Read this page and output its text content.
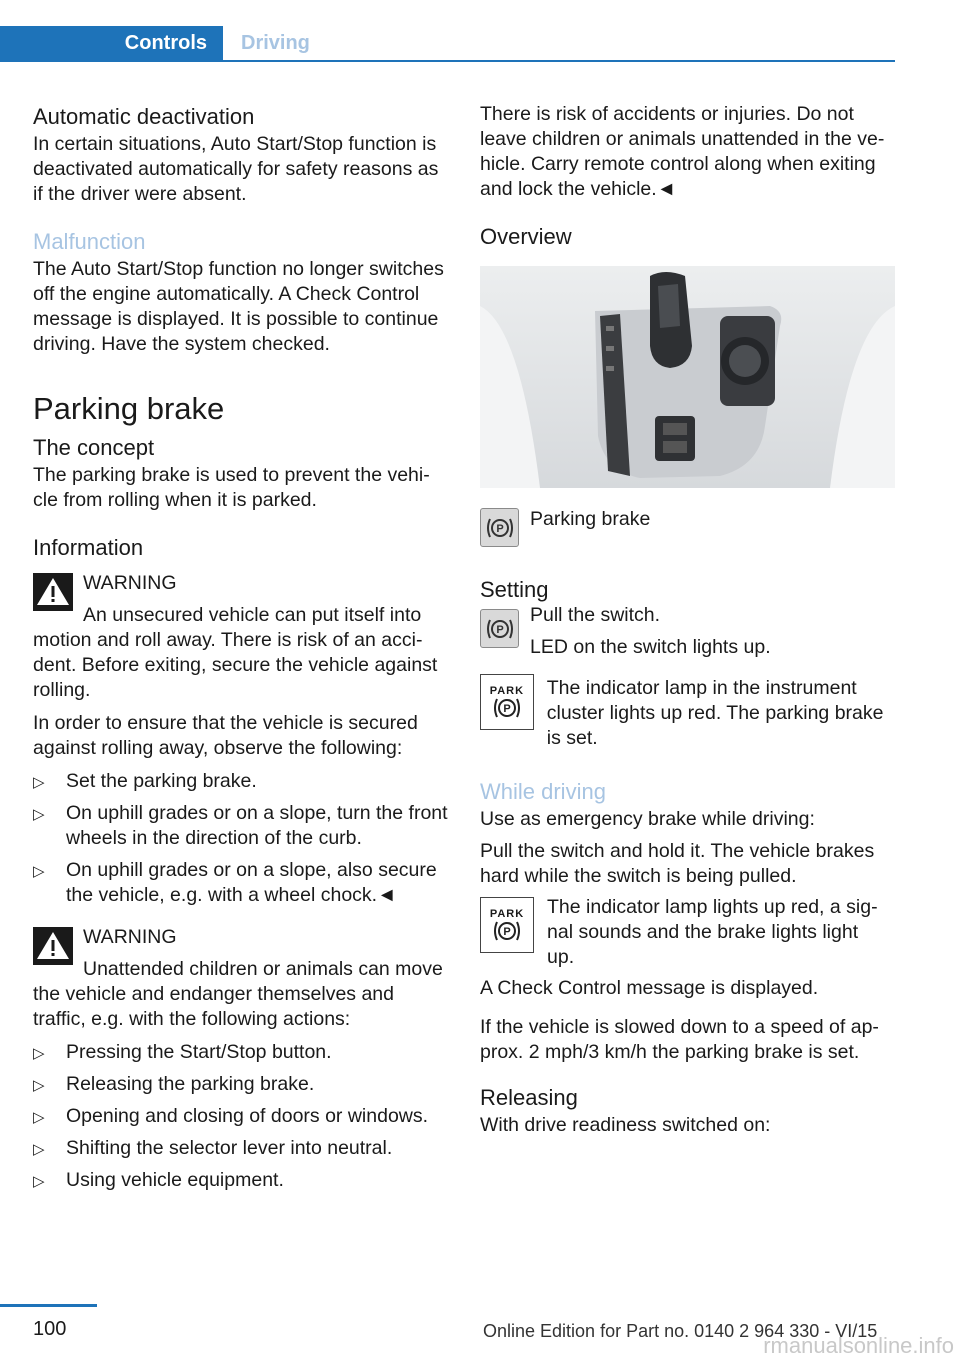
Controls	Driving
Automatic deactivation

In certain situations, Auto Start/Stop function is deactivated automatically for safety reasons as if the driver were absent.

Malfunction

The Auto Start/Stop function no longer switches off the engine automatically. A Check Control message is displayed. It is possible to continue driving. Have the system checked.

Parking brake
The concept

The parking brake is used to prevent the vehi‐ cle from rolling when it is parked.

Information

WARNING

An unsecured vehicle can put itself into motion and roll away. There is risk of an acci‐ dent. Before exiting, secure the vehicle against rolling.

In order to ensure that the vehicle is secured against rolling away, observe the following:

▷ Set the parking brake.
▷ On uphill grades or on a slope, turn the front wheels in the direction of the curb.
▷ On uphill grades or on a slope, also secure the vehicle, e.g. with a wheel chock.◄

WARNING

Unattended children or animals can move the vehicle and endanger themselves and traffic, e.g. with the following actions:

▷ Pressing the Start/Stop button.
▷ Releasing the parking brake.
▷ Opening and closing of doors or windows.
▷ Shifting the selector lever into neutral.
▷ Using vehicle equipment.

There is risk of accidents or injuries. Do not leave children or animals unattended in the ve‐ hicle. Carry remote control along when exiting and lock the vehicle.◄

Overview
P Parking brake

Setting
P

Pull the switch.

LED on the switch lights up.

PARK
P

The indicator lamp in the instrument cluster lights up red. The parking brake is set.

While driving

Use as emergency brake while driving:

Pull the switch and hold it. The vehicle brakes hard while the switch is being pulled.

PARK
P

The indicator lamp lights up red, a sig‐ nal sounds and the brake lights light up.

A Check Control message is displayed.

If the vehicle is slowed down to a speed of ap‐ prox. 2 mph/3 km/h the parking brake is set.

Releasing

With drive readiness switched on:

100	Online Edition for Part no. 0140 2 964 330 - VI/15
rmanualsonline.info
